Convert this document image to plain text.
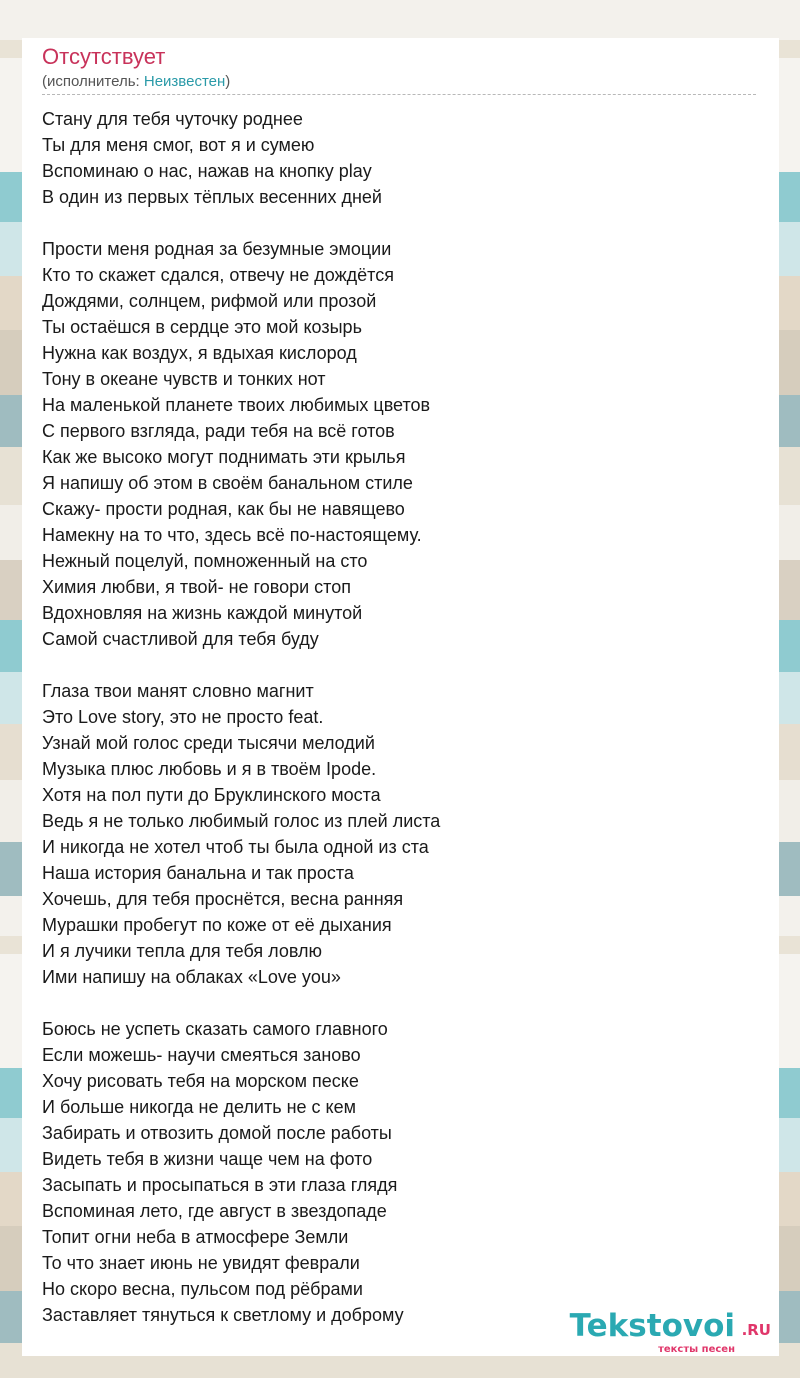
Отсутствует
(исполнитель: Неизвестен)
Стану для тебя чуточку роднее
Ты для меня смог, вот я и сумею
Вспоминаю о нас, нажав на кнопку play
В один из первых тёплых весенних дней
Прости меня родная за безумные эмоции
Кто то скажет сдался, отвечу не дождётся
Дождями, солнцем, рифмой или прозой
Ты остаёшся в сердце это мой козырь
Нужна как воздух, я вдыхая кислород
Тону в океане чувств и тонких нот
На маленькой планете твоих любимых цветов
С первого взгляда, ради тебя на всё готов
Как же высоко могут поднимать эти крылья
Я напишу об этом в своём банальном стиле
Скажу- прости родная, как бы не навящево
Намекну на то что, здесь всё по-настоящему.
Нежный поцелуй, помноженный на сто
Химия любви, я твой- не говори стоп
Вдохновляя на жизнь каждой минутой
Самой счастливой для тебя буду
Глаза твои манят словно магнит
Это Love story, это не просто feat.
Узнай мой голос среди тысячи мелодий
Музыка плюс любовь и я в твоём Ipode.
Хотя на пол пути до Бруклинского моста
Ведь я не только любимый голос из плей листа
И никогда не хотел чтоб ты была одной из ста
Наша история банальна и так проста
Хочешь, для тебя проснётся, весна ранняя
Мурашки пробегут по коже от её дыхания
И я лучики тепла для тебя ловлю
Ими напишу на облаках «Love you»
Боюсь не успеть сказать самого главного
Если можешь- научи смеяться заново
Хочу рисовать тебя на морском песке
И больше никогда не делить не с кем
Забирать и отвозить домой после работы
Видеть тебя в жизни чаще чем на фото
Засыпать и просыпаться в эти глаза глядя
Вспоминая лето, где август в звездопаде
Топит огни неба в атмосфере Земли
То что знает июнь не увидят феврали
Но скоро весна, пульсом под рёбрами
Заставляет тянуться к светлому и доброму	Tekstovoi .RU
тексты песен
